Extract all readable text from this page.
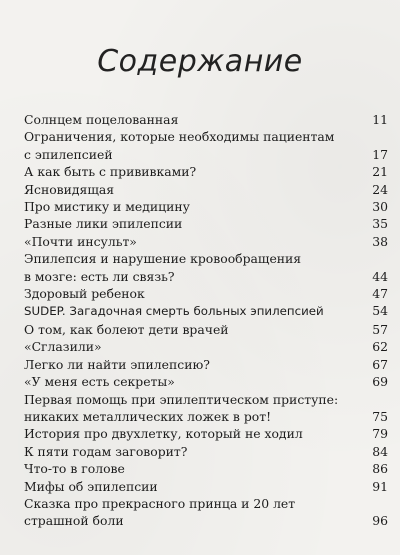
Содержание
Солнцем поцелованная	11
Ограничения, которые необходимы пациентам
с эпилепсией	17
А как быть с прививками?	21
Ясновидящая	24
Про мистику и медицину	30
Разные лики эпилепсии	35
«Почти инсульт»	38
Эпилепсия и нарушение кровообращения
в мозге: есть ли связь?	44
Здоровый ребенок	47
SUDEP. Загадочная смерть больных эпилепсией	54
О том, как болеют дети врачей	57
«Сглазили»	62
Легко ли найти эпилепсию?	67
«У меня есть секреты»	69
Первая помощь при эпилептическом приступе:
никаких металлических ложек в рот!	75
История про двухлетку, который не ходил	79
К пяти годам заговорит?	84
Что-то в голове	86
Мифы об эпилепсии	91
Сказка про прекрасного принца и 20 лет
страшной боли	96
